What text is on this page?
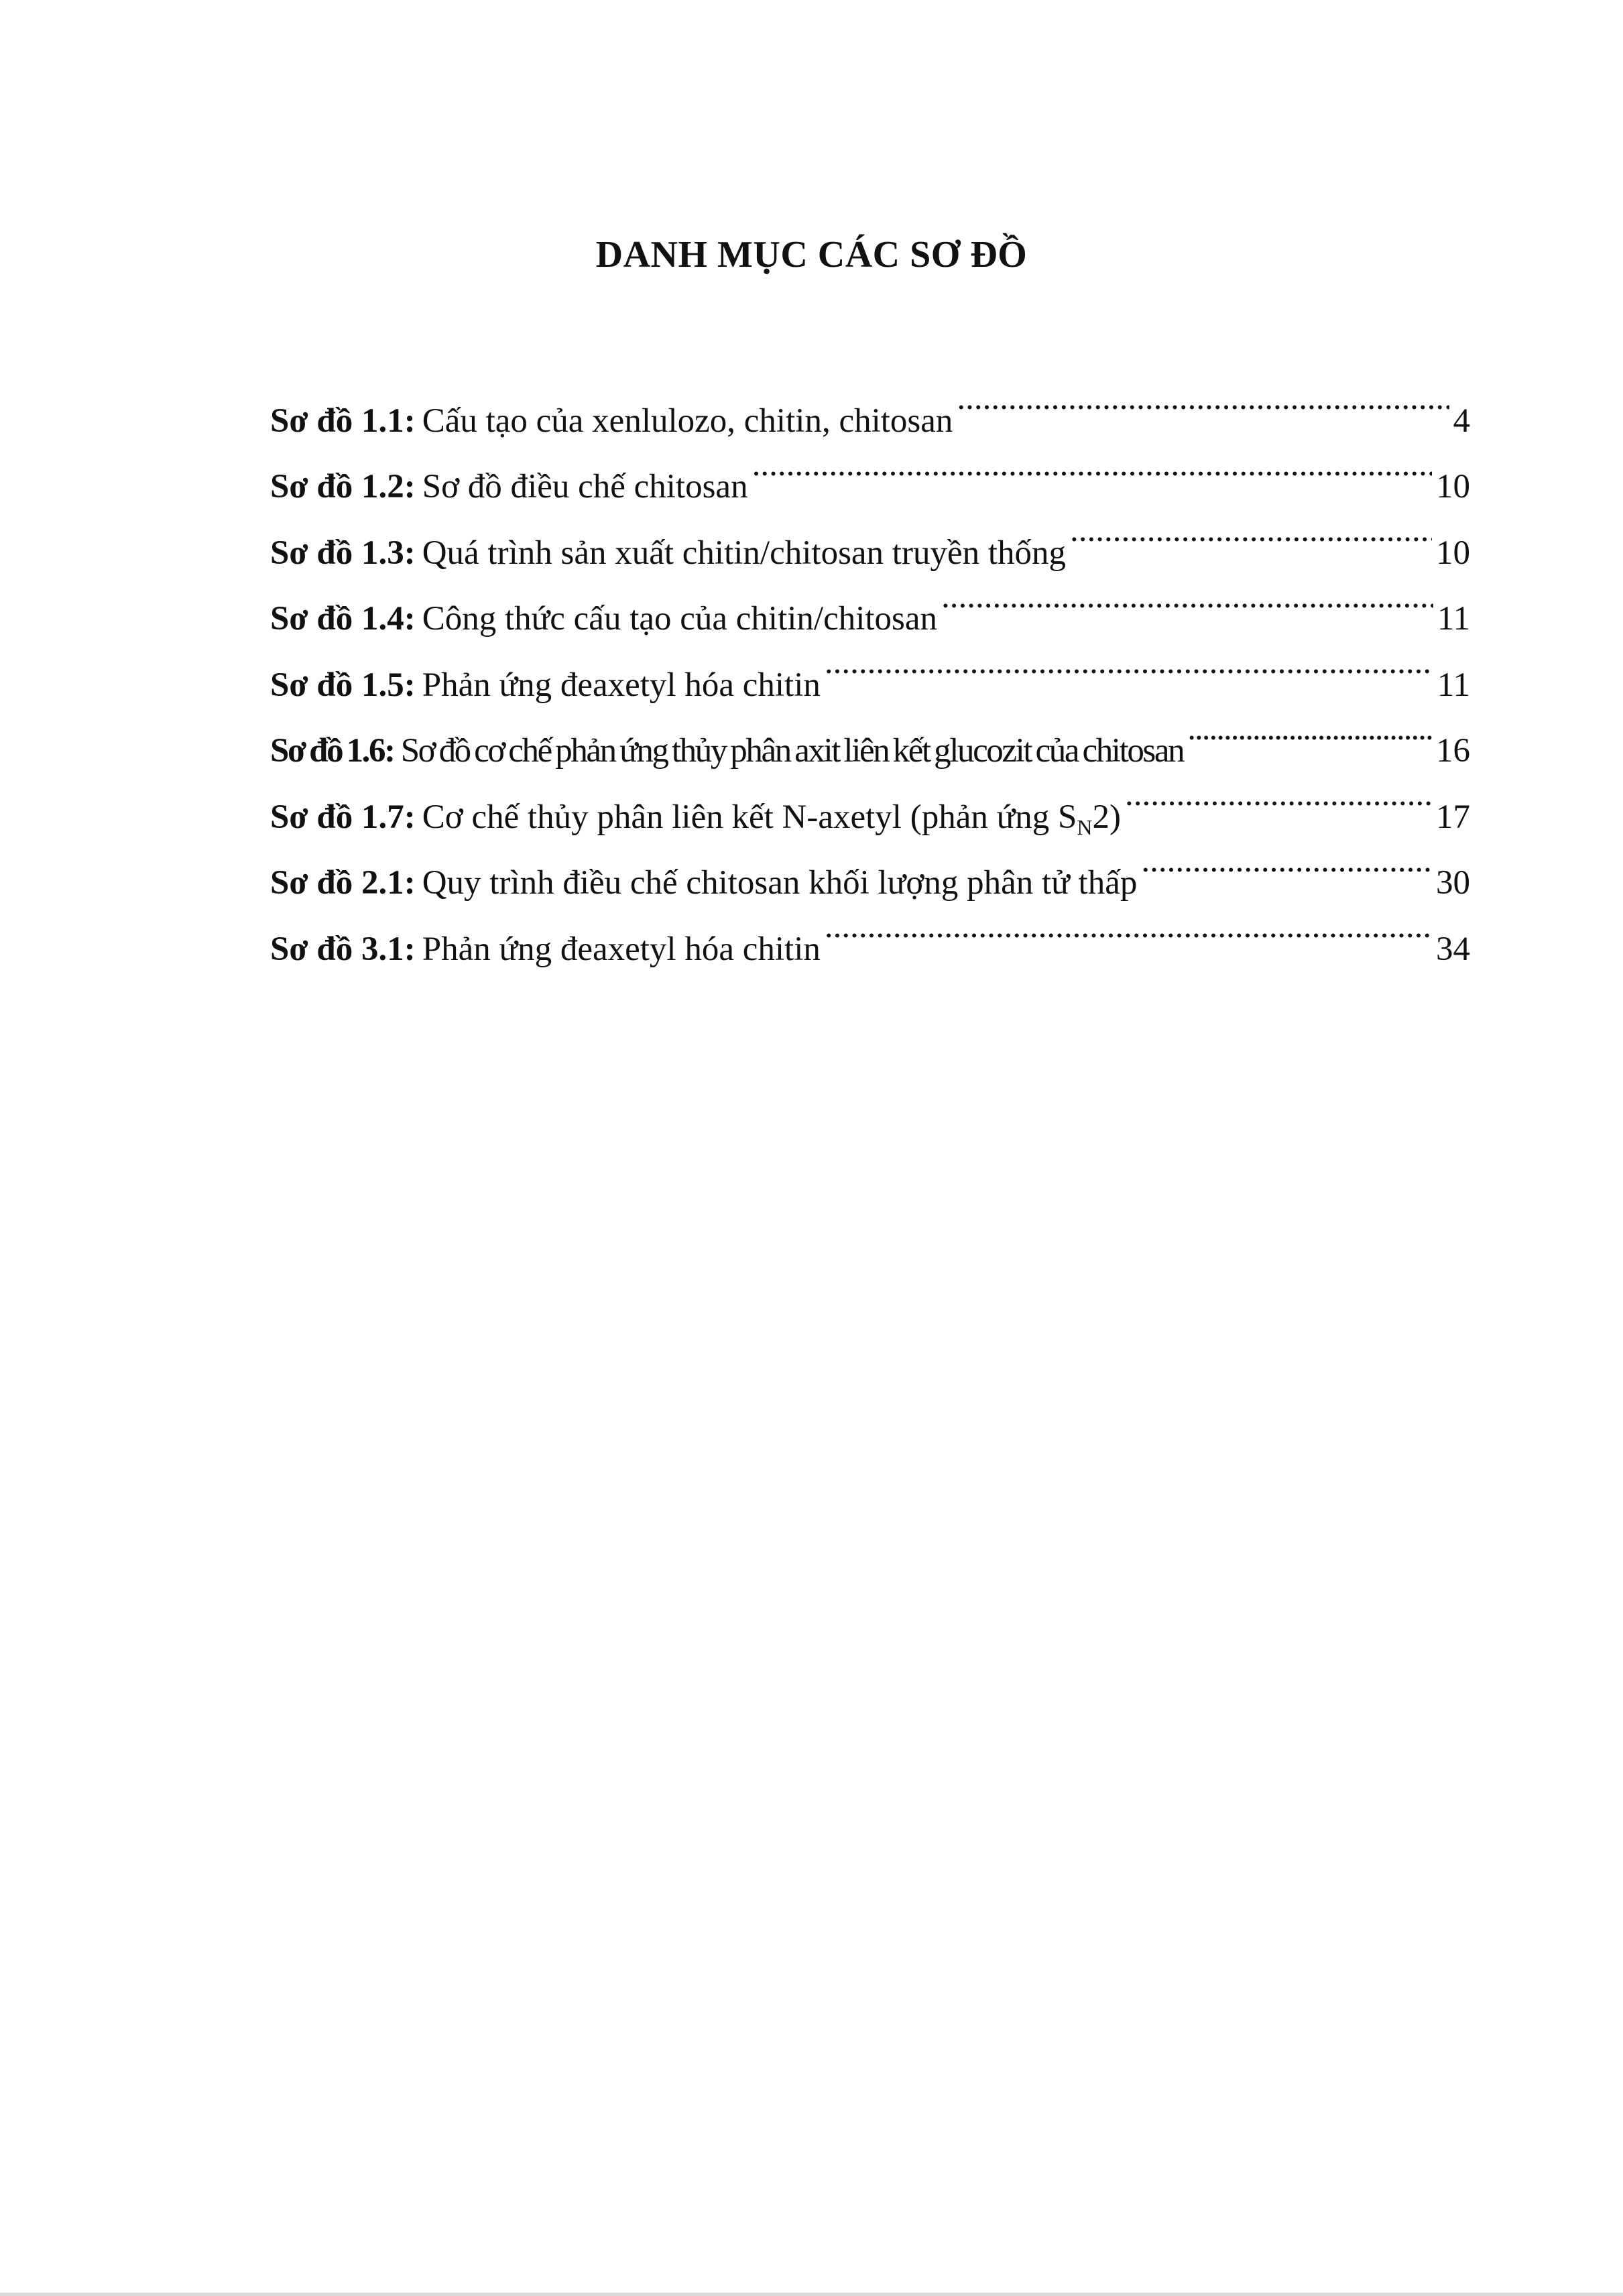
DANH MỤC CÁC SƠ ĐỒ
Sơ đồ 1.1: Cấu tạo của xenlulozo, chitin, chitosan .....	4
Sơ đồ 1.2: Sơ đồ điều chế chitosan .....	10
Sơ đồ 1.3: Quá trình sản xuất chitin/chitosan truyền thống .....	10
Sơ đồ 1.4: Công thức cấu tạo của chitin/chitosan .....	11
Sơ đồ 1.5: Phản ứng đeaxetyl hóa chitin .....	11
Sơ đồ 1.6: Sơ đồ cơ chế phản ứng thủy phân axit liên kết glucozit của chitosan .....	16
Sơ đồ 1.7: Cơ chế thủy phân liên kết N-axetyl (phản ứng $S_N2$) .....	17
Sơ đồ 2.1: Quy trình điều chế chitosan khối lượng phân tử thấp .....	30
Sơ đồ 3.1: Phản ứng đeaxetyl hóa chitin .....	34
